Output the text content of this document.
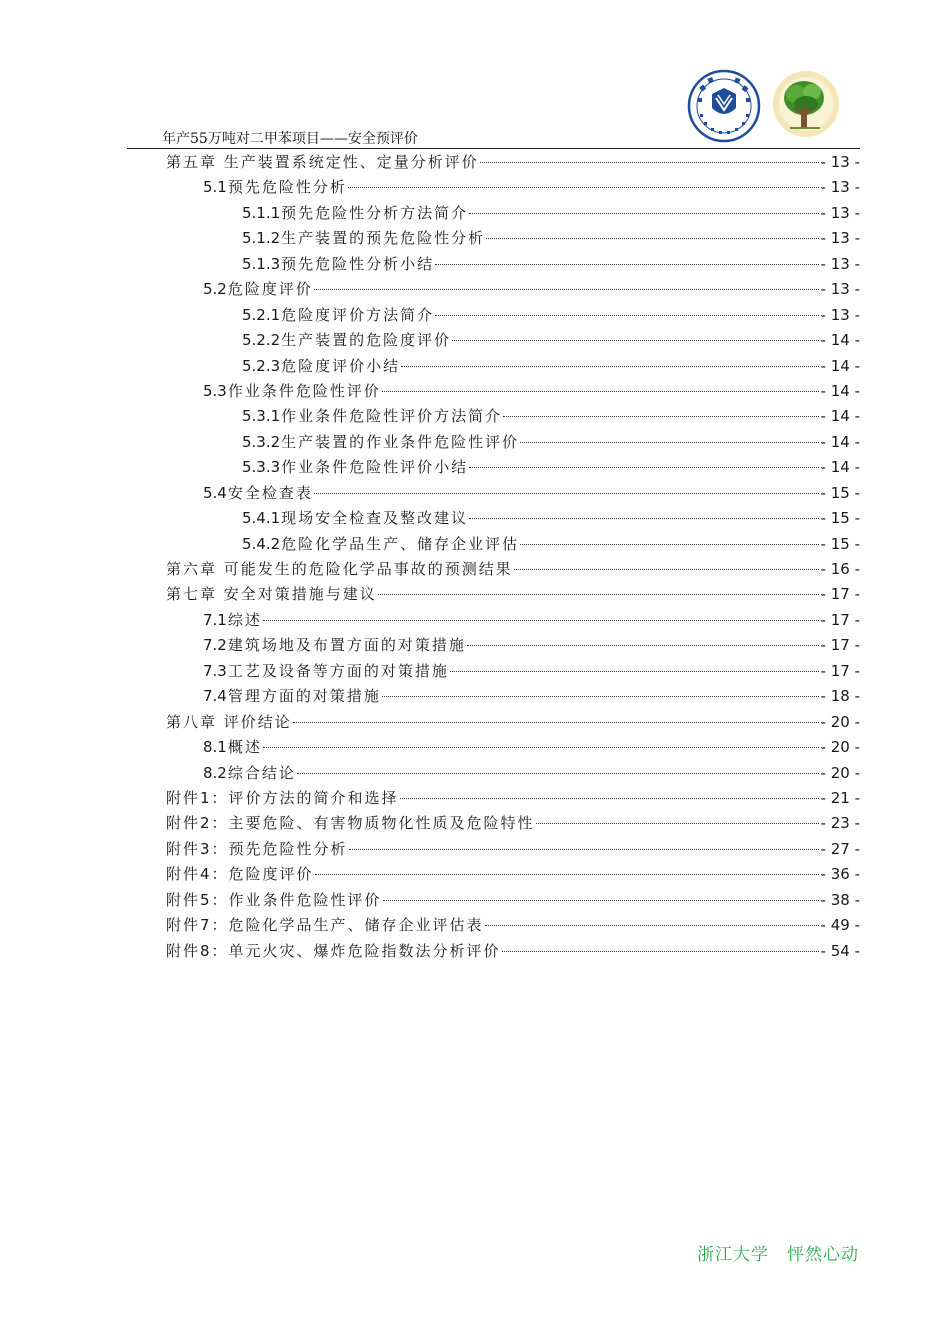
年产55万吨对二甲苯项目——安全预评价
第五章 生产装置系统定性、定量分析评价	- 13 -
5.1预先危险性分析	- 13 -
5.1.1预先危险性分析方法简介	- 13 -
5.1.2生产装置的预先危险性分析	- 13 -
5.1.3预先危险性分析小结	- 13 -
5.2危险度评价	- 13 -
5.2.1危险度评价方法简介	- 13 -
5.2.2生产装置的危险度评价	- 14 -
5.2.3危险度评价小结	- 14 -
5.3作业条件危险性评价	- 14 -
5.3.1作业条件危险性评价方法简介	- 14 -
5.3.2生产装置的作业条件危险性评价	- 14 -
5.3.3作业条件危险性评价小结	- 14 -
5.4安全检查表	- 15 -
5.4.1现场安全检查及整改建议	- 15 -
5.4.2危险化学品生产、储存企业评估	- 15 -
第六章 可能发生的危险化学品事故的预测结果	- 16 -
第七章 安全对策措施与建议	- 17 -
7.1综述	- 17 -
7.2建筑场地及布置方面的对策措施	- 17 -
7.3工艺及设备等方面的对策措施	- 17 -
7.4管理方面的对策措施	- 18 -
第八章 评价结论	- 20 -
8.1概述	- 20 -
8.2综合结论	- 20 -
附件1：评价方法的简介和选择	- 21 -
附件2：主要危险、有害物质物化性质及危险特性	- 23 -
附件3：预先危险性分析	- 27 -
附件4：危险度评价	- 36 -
附件5：作业条件危险性评价	- 38 -
附件7：危险化学品生产、储存企业评估表	- 49 -
附件8：单元火灾、爆炸危险指数法分析评价	- 54 -
浙江大学　怦然心动
